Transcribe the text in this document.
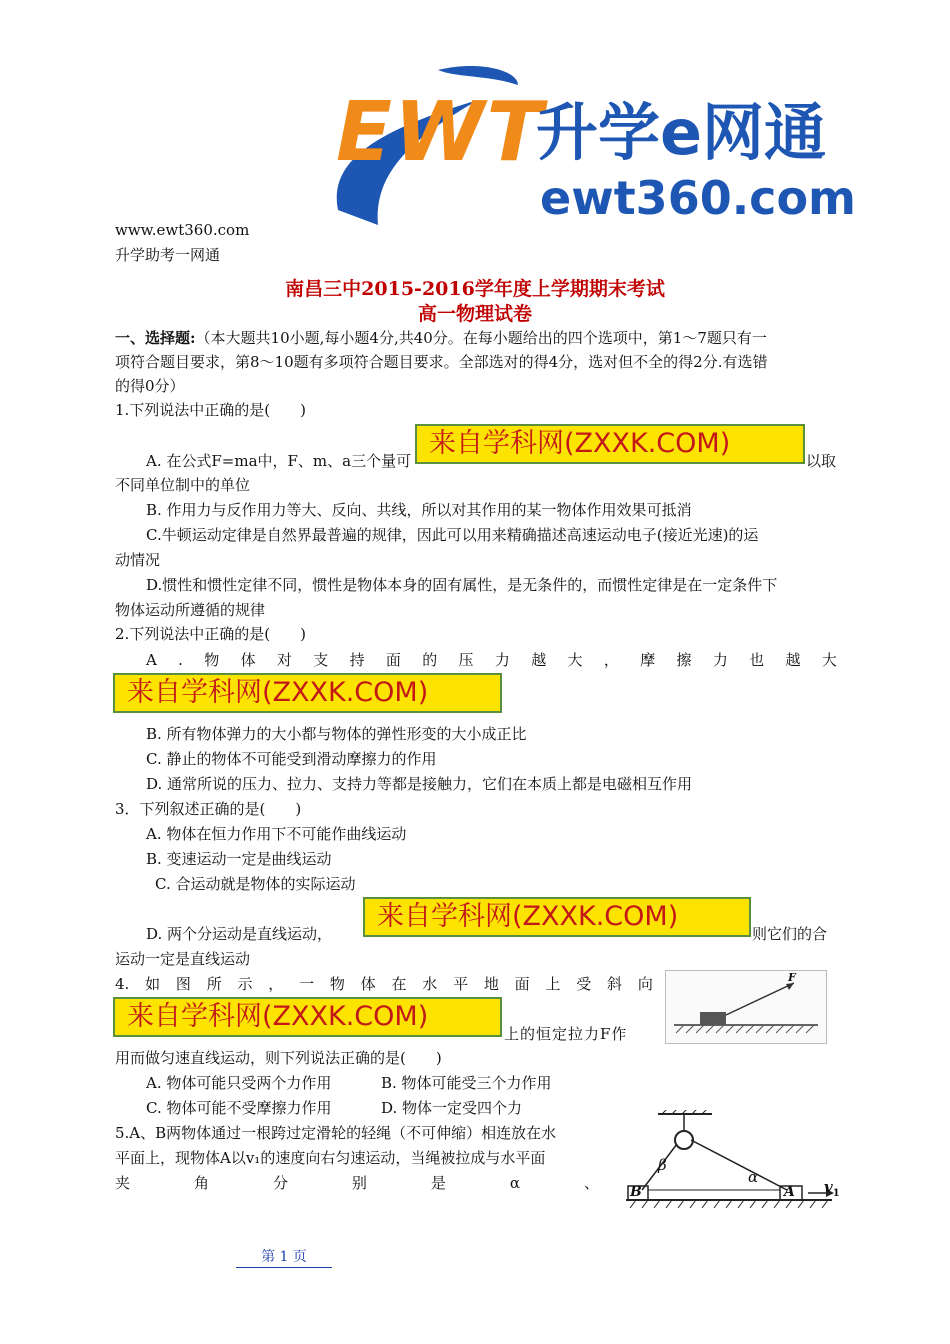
EWT
升学e网通
ewt360.com
www.ewt360.com
升学助考一网通
南昌三中2015-2016学年度上学期期末考试
高一物理试卷
一、选择题:（本大题共10小题,每小题4分,共40分。在每小题给出的四个选项中，第1～7题只有一
项符合题目要求，第8～10题有多项符合题目要求。全部选对的得4分，选对但不全的得2分.有选错
的得0分）
1.下列说法中正确的是(　　)
A. 在公式F=ma中，F、m、a三个量可
来自学科网(ZXXK.COM)
以取
不同单位制中的单位
B. 作用力与反作用力等大、反向、共线，所以对其作用的某一物体作用效果可抵消
C.牛顿运动定律是自然界最普遍的规律，因此可以用来精确描述高速运动电子(接近光速)的运
动情况
D.惯性和惯性定律不同，惯性是物体本身的固有属性，是无条件的，而惯性定律是在一定条件下
物体运动所遵循的规律
2.下列说法中正确的是(　　)
A . 物 体 对 支 持 面 的 压 力 越 大 ， 摩 擦 力 也 越 大
来自学科网(ZXXK.COM)
B. 所有物体弹力的大小都与物体的弹性形变的大小成正比
C. 静止的物体不可能受到滑动摩擦力的作用
D. 通常所说的压力、拉力、支持力等都是接触力，它们在本质上都是电磁相互作用
3．下列叙述正确的是(　　)
A. 物体在恒力作用下不可能作曲线运动
B. 变速运动一定是曲线运动
C. 合运动就是物体的实际运动
D. 两个分运动是直线运动，
来自学科网(ZXXK.COM)
则它们的合
运动一定是直线运动
4. 如 图 所 示 ， 一 物 体 在 水 平 地 面 上 受 斜 向
来自学科网(ZXXK.COM)
上的恒定拉力F作
用而做匀速直线运动，则下列说法正确的是(　　)
A. 物体可能只受两个力作用	B. 物体可能受三个力作用
C. 物体可能不受摩擦力作用	D. 物体一定受四个力
F
5.A、B两物体通过一根跨过定滑轮的轻绳（不可伸缩）相连放在水
平面上，现物体A以v₁的速度向右匀速运动，当绳被拉成与水平面
夹	角	分	别	是	α	、
β
α
B	A $v_1$
第 1 页
